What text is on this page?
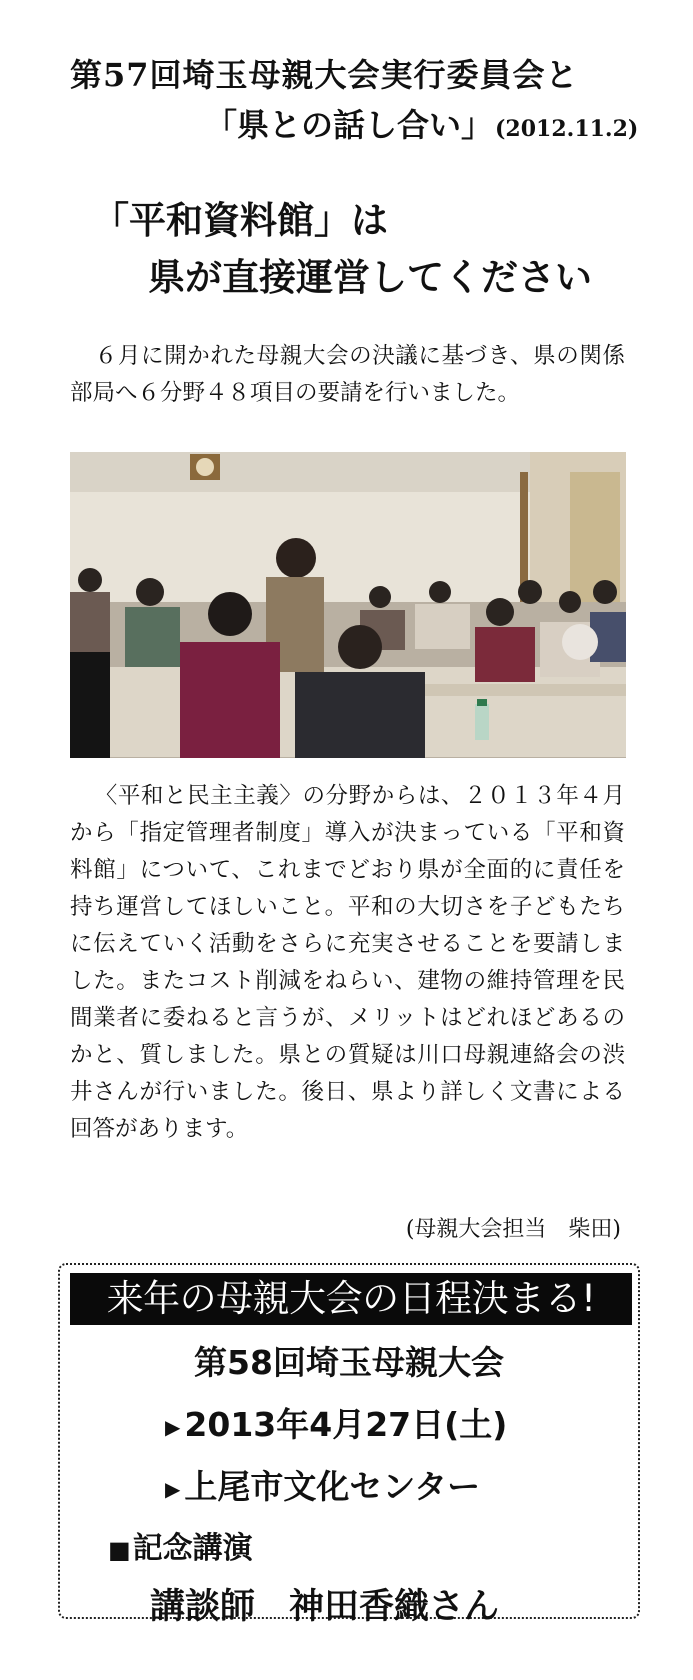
第57回埼玉母親大会実行委員会と
「県との話し合い」(2012.11.2)
「平和資料館」は
県が直接運営してください

６月に開かれた母親大会の決議に基づき、県の関係部局へ６分野４８項目の要請を行いました。

〈平和と民主主義〉の分野からは、２０１３年４月から「指定管理者制度」導入が決まっている「平和資料館」について、これまでどおり県が全面的に責任を持ち運営してほしいこと。平和の大切さを子どもたちに伝えていく活動をさらに充実させることを要請しました。またコスト削減をねらい、建物の維持管理を民間業者に委ねると言うが、メリットはどれほどあるのかと、質しました。県との質疑は川口母親連絡会の渋井さんが行いました。後日、県より詳しく文書による回答があります。

(母親大会担当　柴田)
来年の母親大会の日程決まる!
第58回埼玉母親大会
▶ 2013年4月27日(土)
▶ 上尾市文化センター
■記念講演
講談師 神田香織さん
